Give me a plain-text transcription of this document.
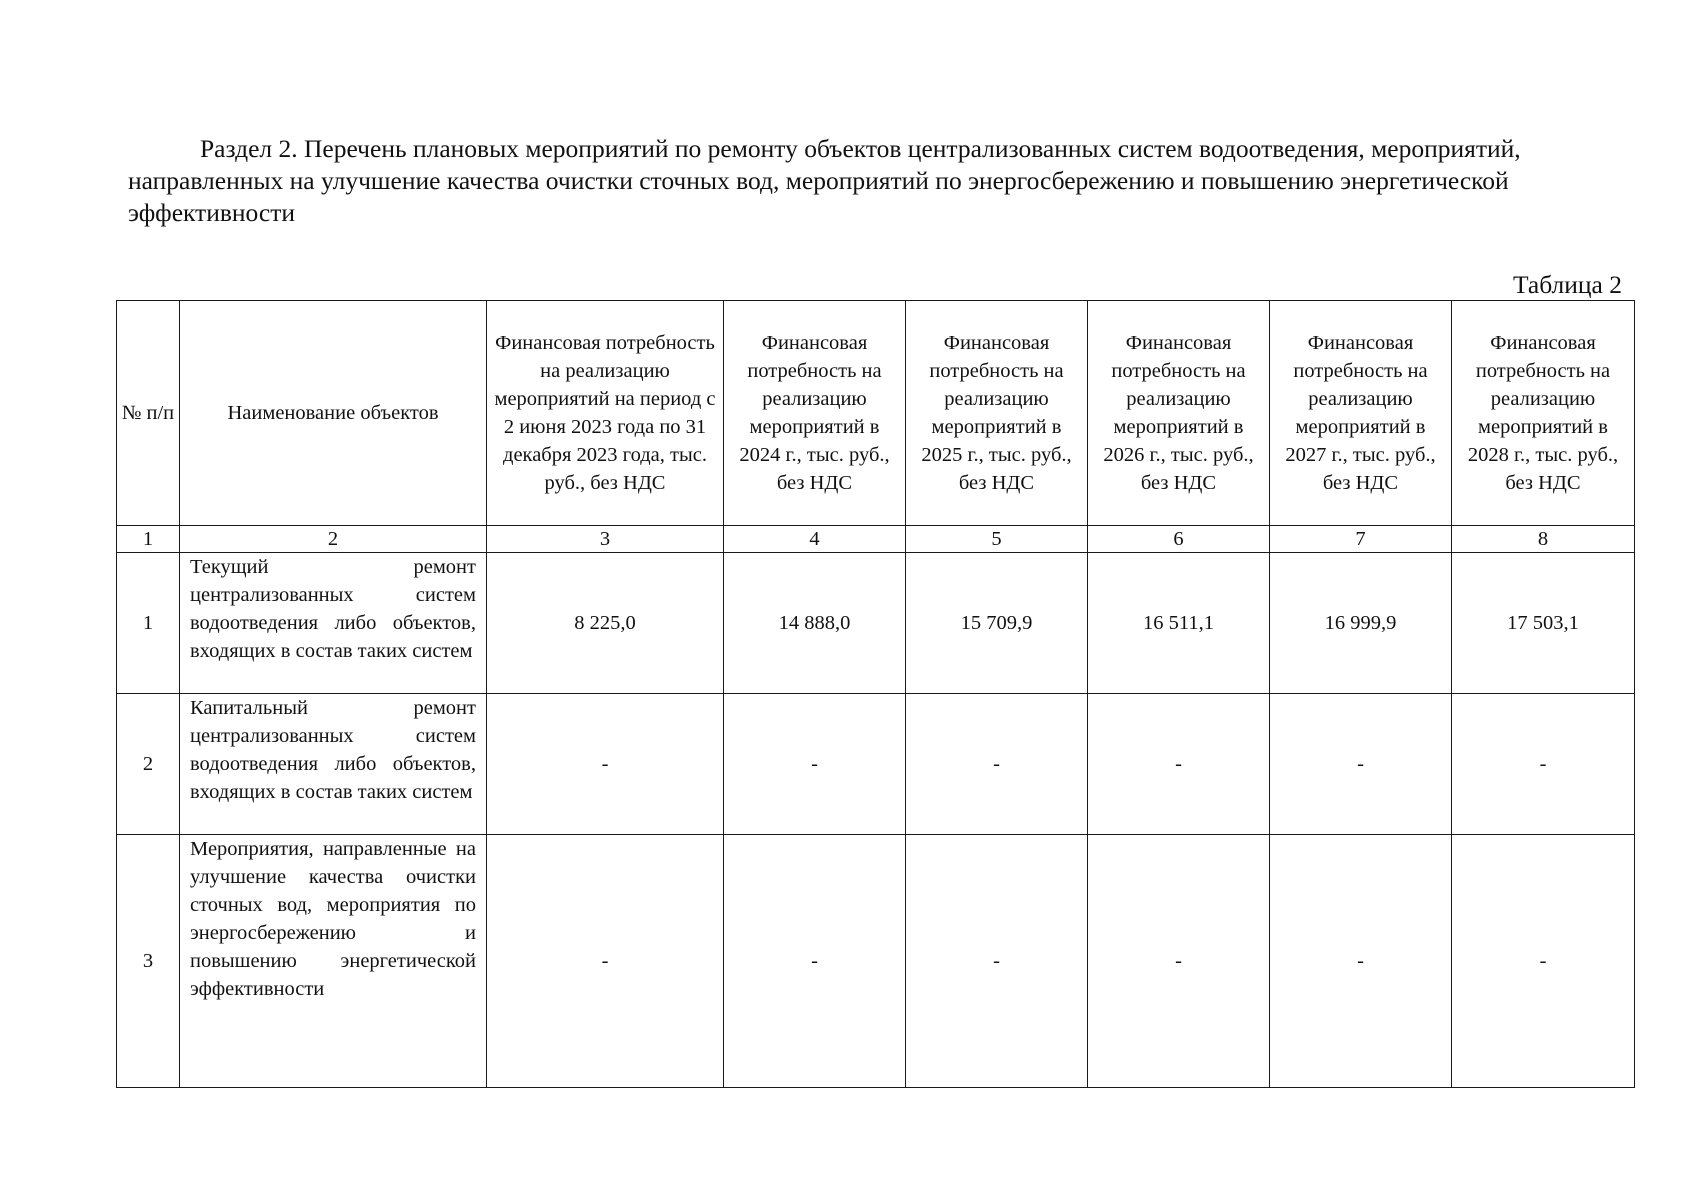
Раздел 2. Перечень плановых мероприятий по ремонту объектов централизованных систем водоотведения, мероприятий, направленных на улучшение качества очистки сточных вод, мероприятий по энергосбережению и повышению энергетической эффективности

Таблица 2
№ п/п	Наименование объектов	Финансовая потребность на реализацию мероприятий на период с 2 июня 2023 года по 31 декабря 2023 года, тыс. руб., без НДС	Финансовая потребность на реализацию мероприятий в 2024 г., тыс. руб., без НДС	Финансовая потребность на реализацию мероприятий в 2025 г., тыс. руб., без НДС	Финансовая потребность на реализацию мероприятий в 2026 г., тыс. руб., без НДС	Финансовая потребность на реализацию мероприятий в 2027 г., тыс. руб., без НДС	Финансовая потребность на реализацию мероприятий в 2028 г., тыс. руб., без НДС

1	2	3	4	5	6	7	8
1	Текущий ремонт централизованных систем водоотведения либо объектов, входящих в состав таких систем	8 225,0	14 888,0	15 709,9	16 511,1	16 999,9	17 503,1
2	Капитальный ремонт централизованных систем водоотведения либо объектов, входящих в состав таких систем	-	-	-	-	-	-
3	Мероприятия, направленные на улучшение качества очистки сточных вод, мероприятия по энергосбережению и повышению энергетической эффективности	-	-	-	-	-	-
